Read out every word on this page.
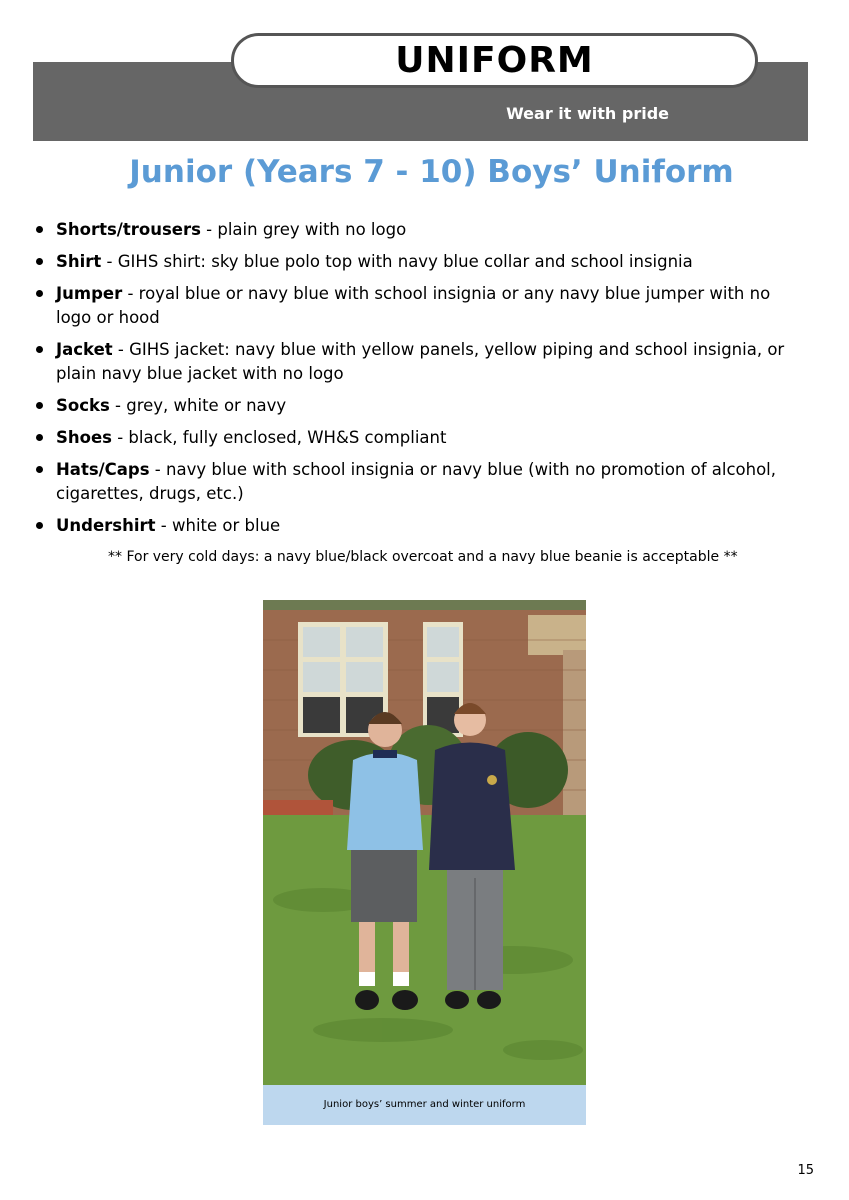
UNIFORM
Wear it with pride
Junior (Years 7 - 10) Boys’ Uniform
Shorts/trousers - plain grey with no logo
Shirt - GIHS shirt: sky blue polo top with navy blue collar and school insignia
Jumper - royal blue or navy blue with school insignia or any navy blue jumper with no logo or hood
Jacket - GIHS jacket: navy blue with yellow panels, yellow piping and school insignia, or plain navy blue jacket with no logo
Socks - grey, white or navy
Shoes - black, fully enclosed, WH&S compliant
Hats/Caps - navy blue with school insignia or navy blue (with no promotion of alcohol, cigarettes, drugs, etc.)
Undershirt - white or blue
** For very cold days: a navy blue/black overcoat and a navy blue beanie is acceptable **
Junior boys’ summer and winter uniform
15
